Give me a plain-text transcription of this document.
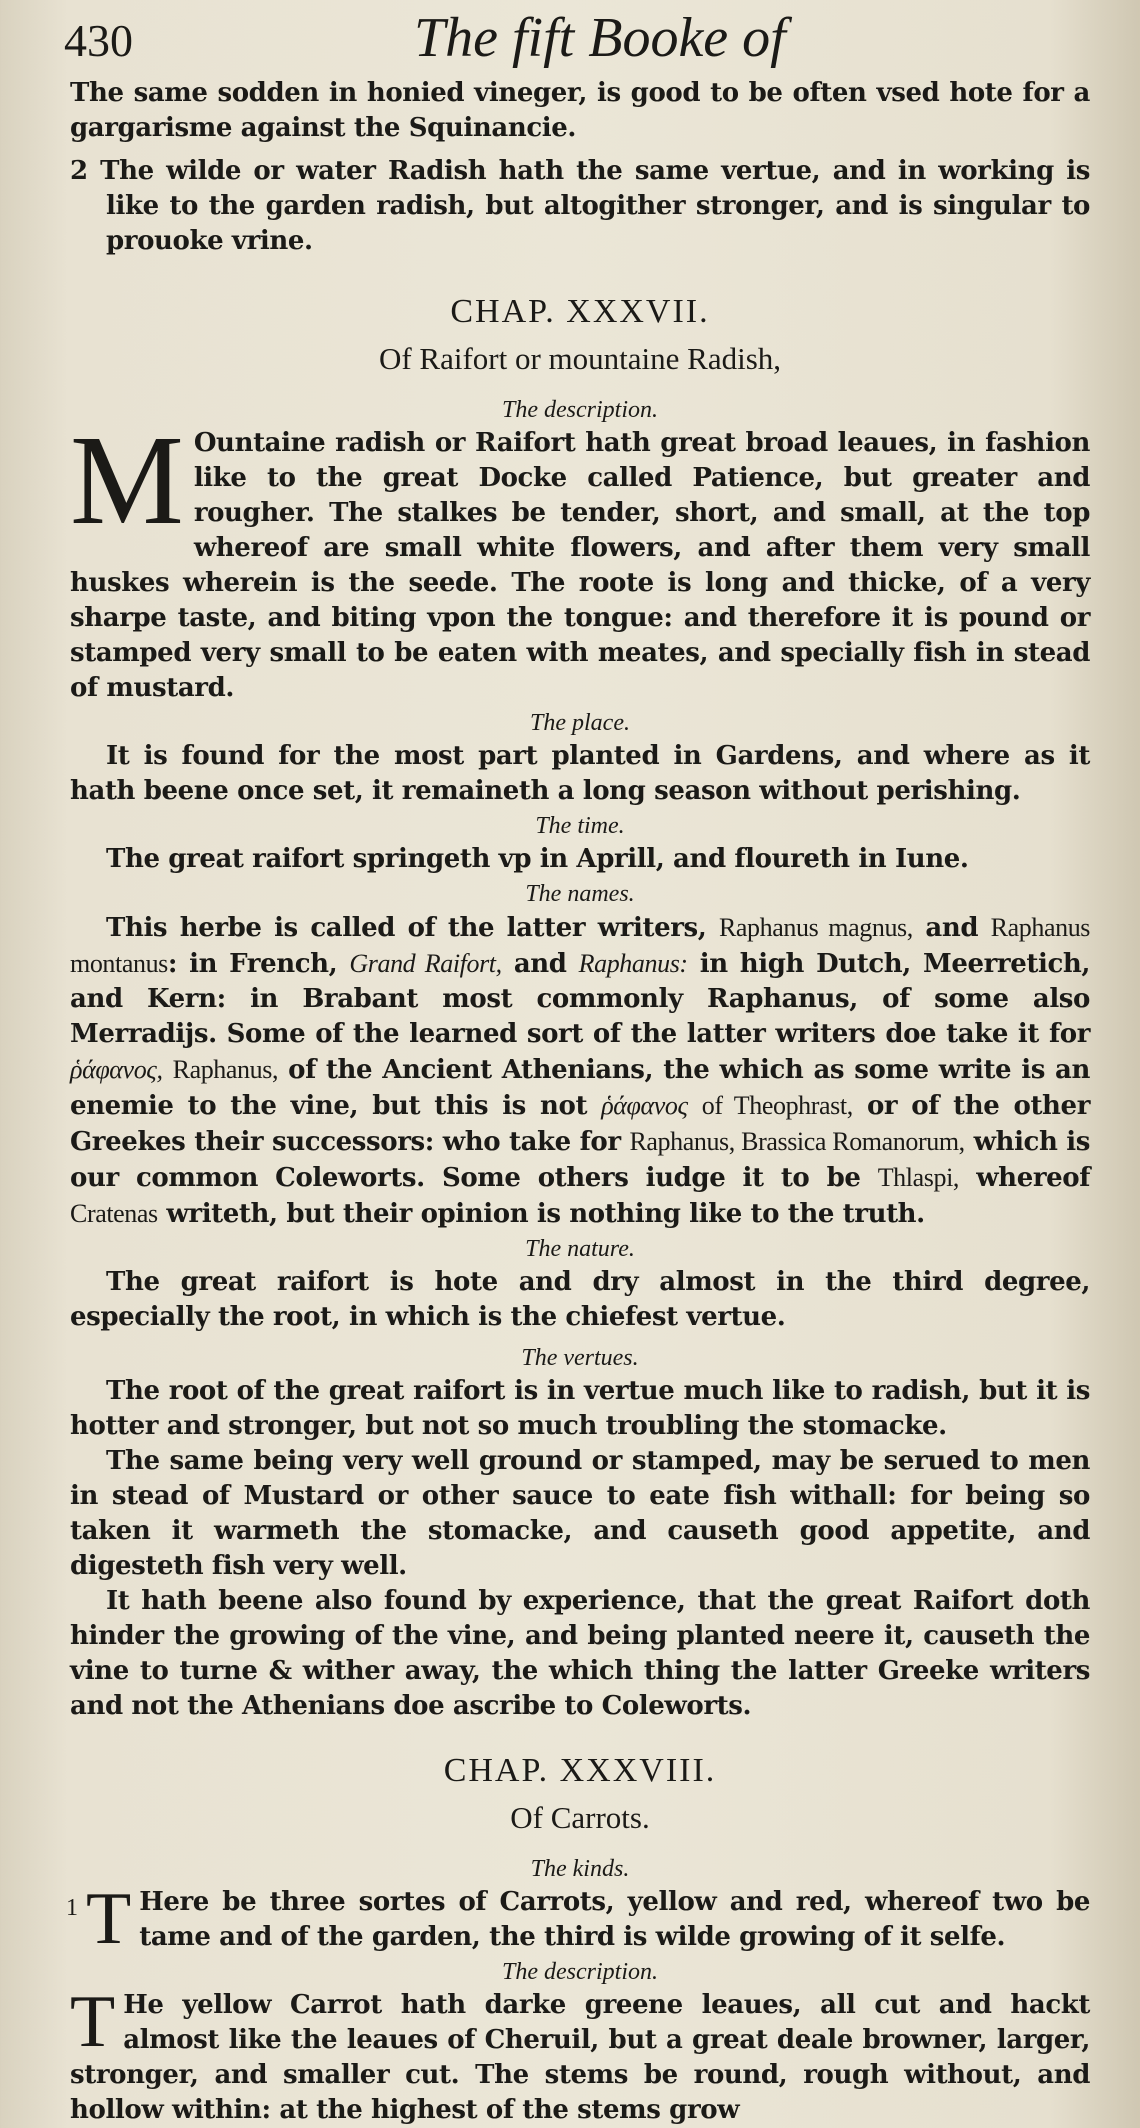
430	The fift Booke of

The same sodden in honied vineger, is good to be often vsed hote for a gargarisme against the Squinancie.

2 The wilde or water Radish hath the same vertue, and in working is like to the garden radish, but altogither stronger, and is singular to prouoke vrine.

CHAP. XXXVII.
Of Raifort or mountaine Radish,
The description.
M Ountaine radish or Raifort hath great broad leaues, in fashion like to the great Docke called Patience, but greater and rougher. The stalkes be tender, short, and small, at the top whereof are small white flowers, and after them very small huskes wherein is the seede. The roote is long and thicke, of a very sharpe taste, and biting vpon the tongue: and therefore it is pound or stamped very small to be eaten with meates, and specially fish in stead of mustard.

The place.

It is found for the most part planted in Gardens, and where as it hath beene once set, it remaineth a long season without perishing.

The time.

The great raifort springeth vp in Aprill, and floureth in Iune.

The names.

This herbe is called of the latter writers, Raphanus magnus, and Raphanus montanus: in French, Grand Raifort, and Raphanus: in high Dutch, Meerretich, and Kern: in Brabant most commonly Raphanus, of some also Merradijs. Some of the learned sort of the latter writers doe take it for ῥάφανος, Raphanus, of the Ancient Athenians, the which as some write is an enemie to the vine, but this is not ῥάφανος of Theophrast, or of the other Greekes their successors: who take for Raphanus, Brassica Romanorum, which is our common Coleworts. Some others iudge it to be Thlaspi, whereof Cratenas writeth, but their opinion is nothing like to the truth.

The nature.

The great raifort is hote and dry almost in the third degree, especially the root, in which is the chiefest vertue.

The vertues.

The root of the great raifort is in vertue much like to radish, but it is hotter and stronger, but not so much troubling the stomacke.

The same being very well ground or stamped, may be serued to men in stead of Mustard or other sauce to eate fish withall: for being so taken it warmeth the stomacke, and causeth good appetite, and digesteth fish very well.

It hath beene also found by experience, that the great Raifort doth hinder the growing of the vine, and being planted neere it, causeth the vine to turne & wither away, the which thing the latter Greeke writers and not the Athenians doe ascribe to Coleworts.

CHAP. XXXVIII.
Of Carrots.
The kinds.
1 T Here be three sortes of Carrots, yellow and red, whereof two be tame and of the garden, the third is wilde growing of it selfe.

The description.
T He yellow Carrot hath darke greene leaues, all cut and hackt almost like the leaues of Cheruil, but a great deale browner, larger, stronger, and smaller cut. The stems be round, rough without, and hollow within: at the highest of the stems grow
